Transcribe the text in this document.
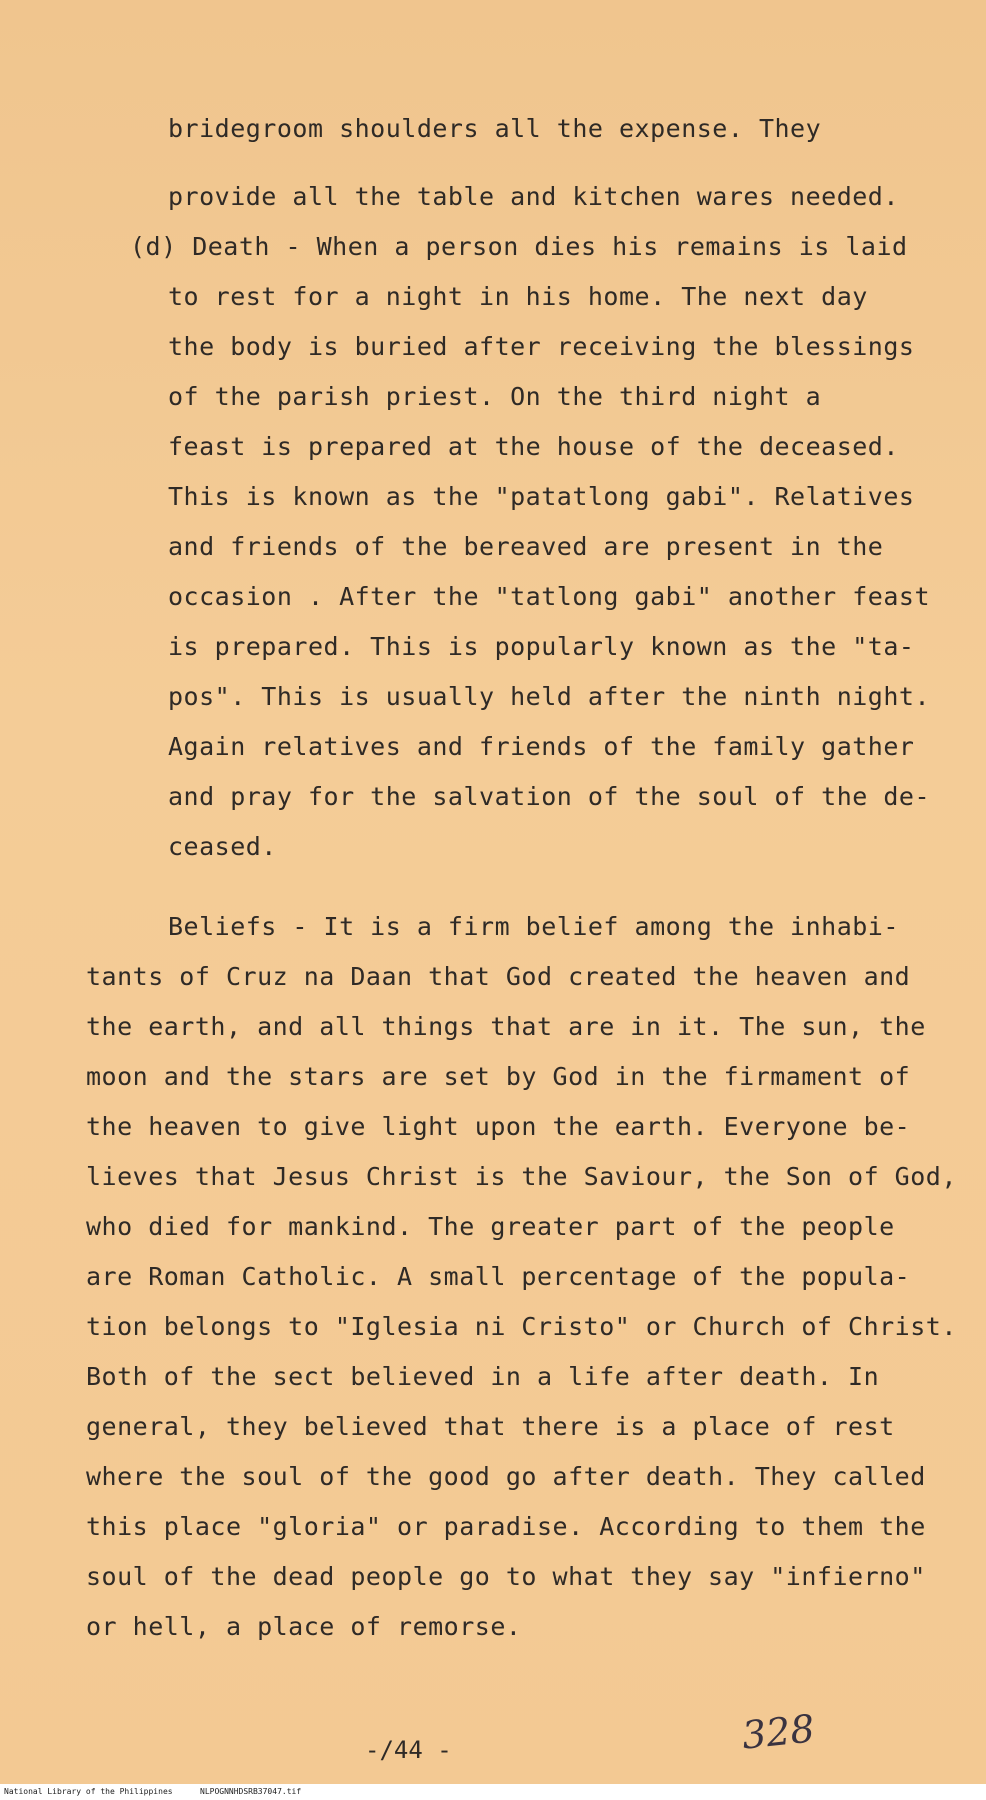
bridegroom shoulders all the expense. They
provide all the table and kitchen wares needed.
(d) Death - When a person dies his remains is laid
to rest for a night in his home. The next day
the body is buried after receiving the blessings
of the parish priest. On the third night a
feast is prepared at the house of the deceased.
This is known as the "patatlong gabi". Relatives
and friends of the bereaved are present in the
occasion . After the "tatlong gabi" another feast
is prepared. This is popularly known as the "ta-
pos". This is usually held after the ninth night.
Again relatives and friends of the family gather
and pray for the salvation of the soul of the de-
ceased.
Beliefs - It is a firm belief among the inhabi-
tants of Cruz na Daan that God created the heaven and
the earth, and all things that are in it. The sun, the
moon and the stars are set by God in the firmament of
the heaven to give light upon the earth. Everyone be-
lieves that Jesus Christ is the Saviour, the Son of God,
who died for mankind. The greater part of the people
are Roman Catholic. A small percentage of the popula-
tion belongs to "Iglesia ni Cristo" or Church of Christ.
Both of the sect believed in a life after death. In
general, they believed that there is a place of rest
where the soul of the good go after death. They called
this place "gloria" or paradise. According to them the
soul of the dead people go to what they say "infierno"
or hell, a place of remorse.
-/44 -	328
National Library of the Philippines	NLPOGNNHDSRB37047.tif
